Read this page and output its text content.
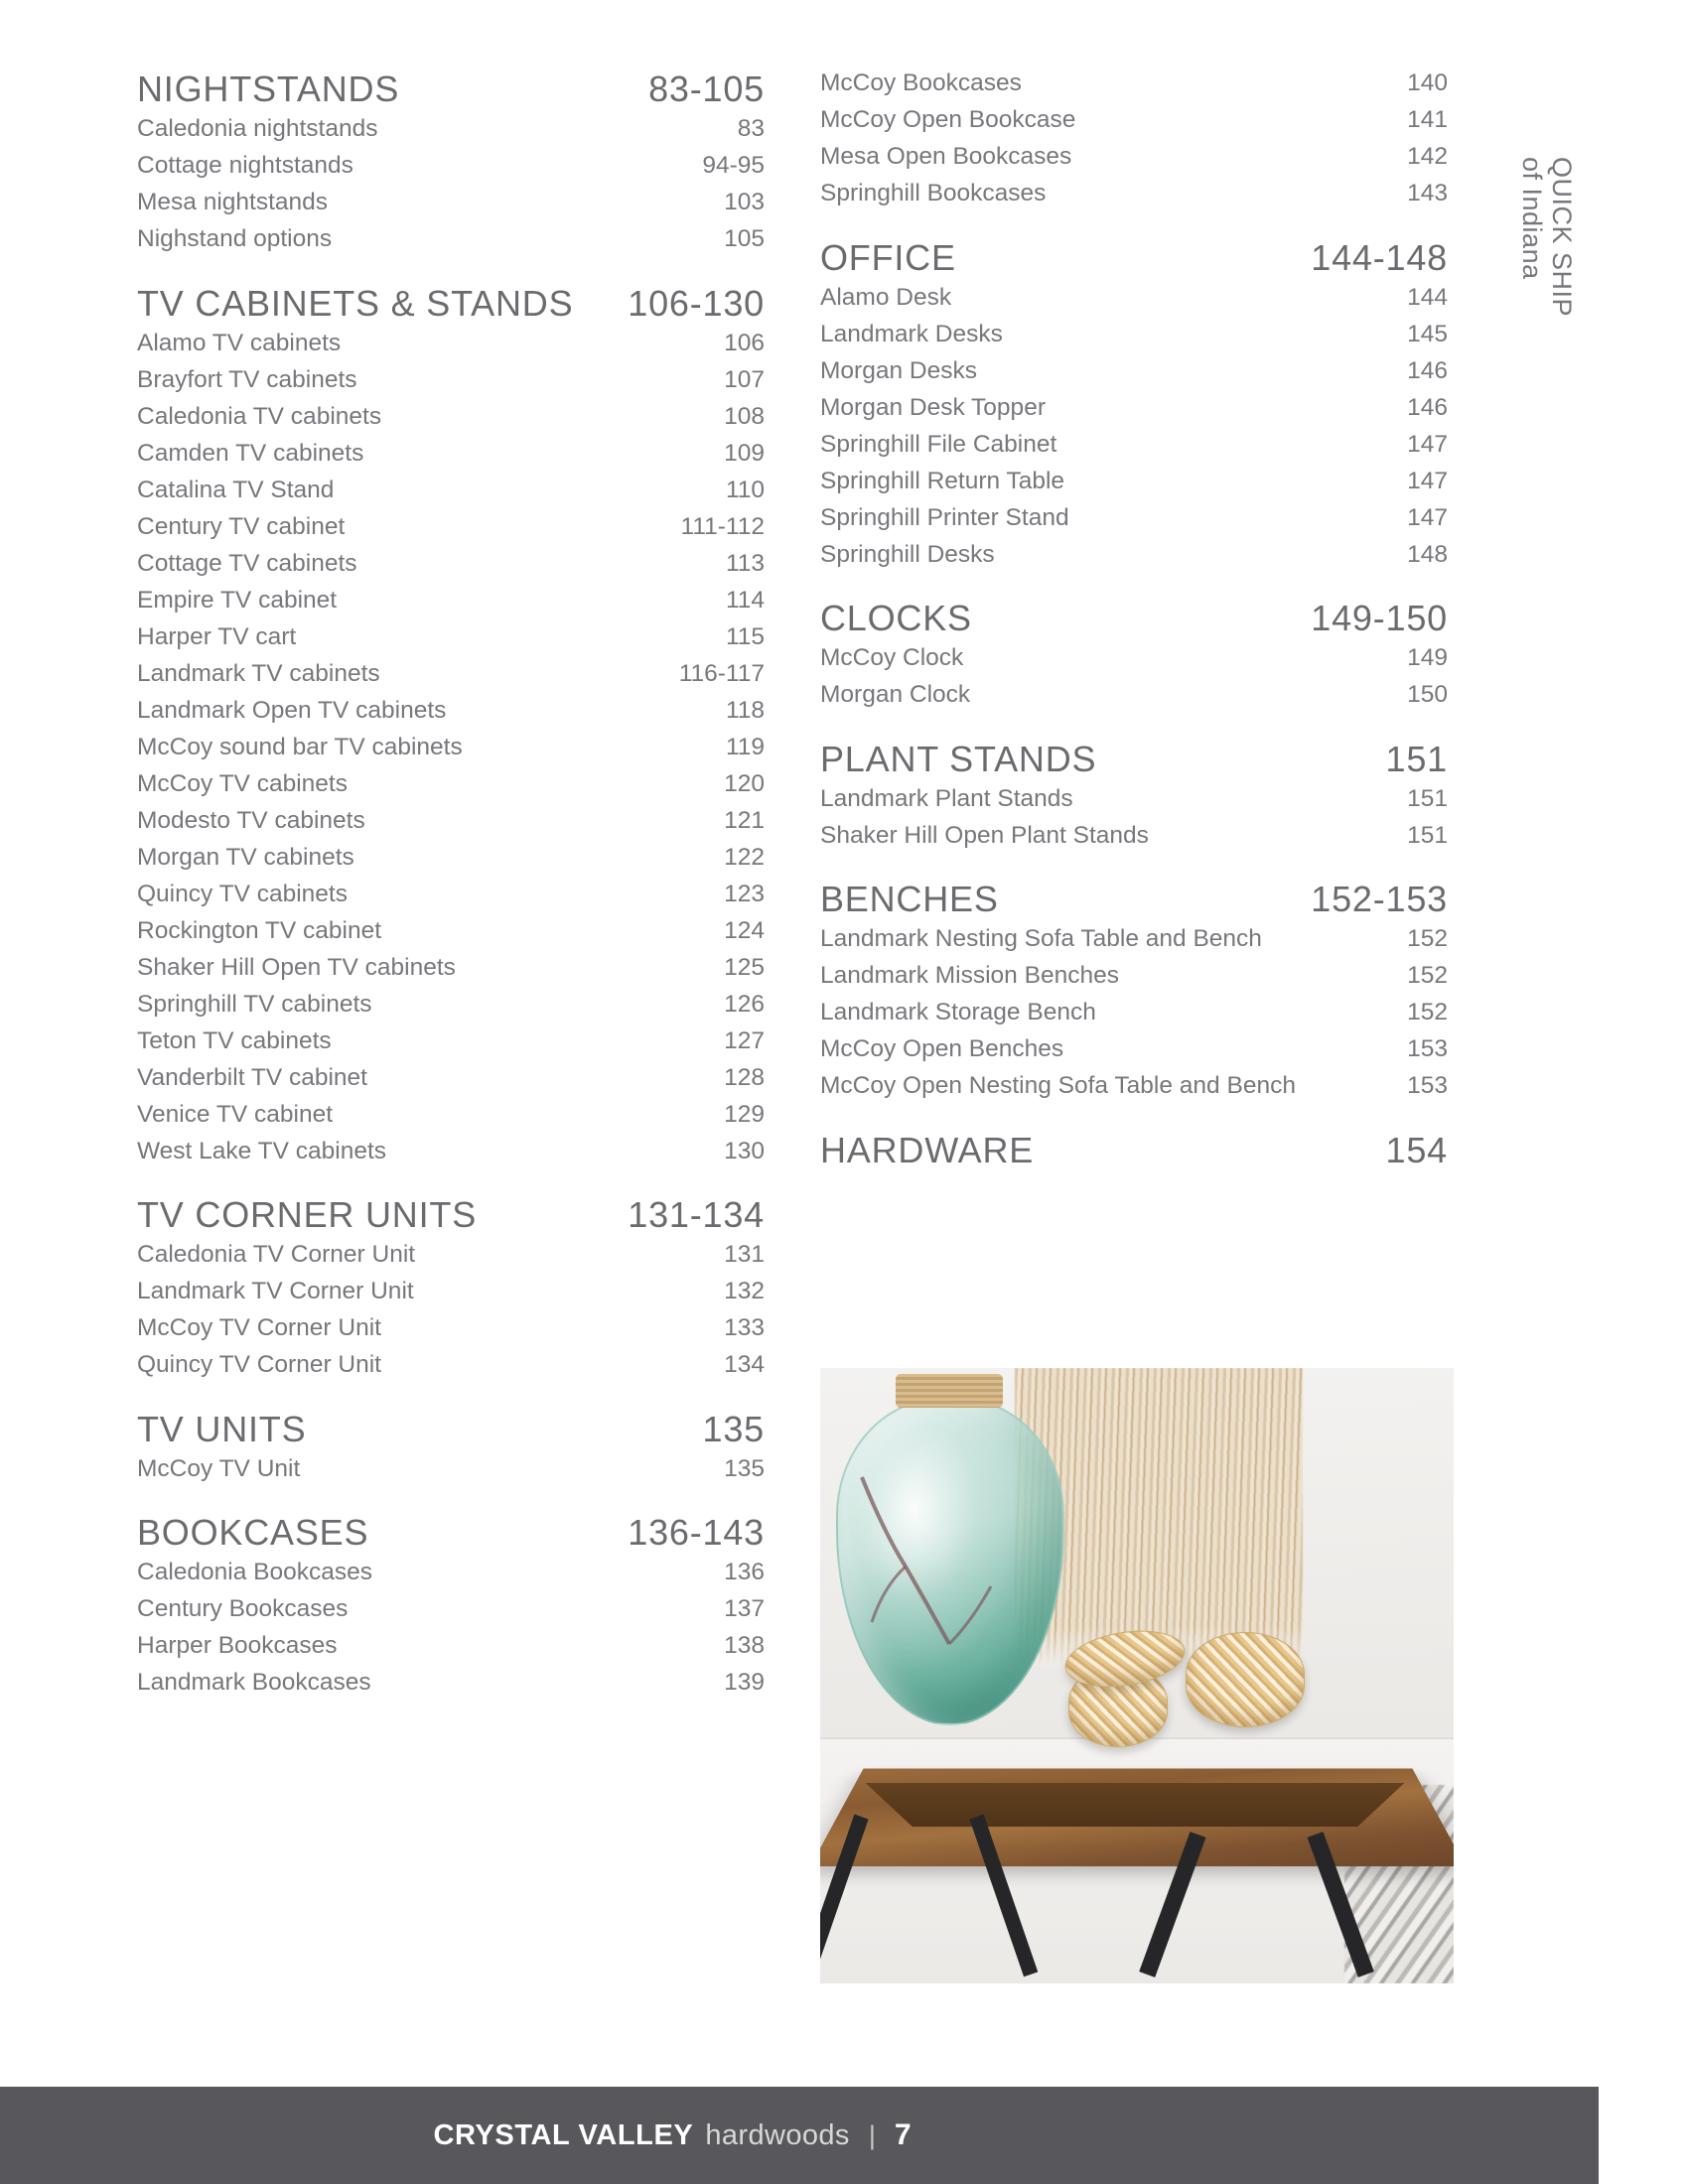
NIGHTSTANDS .....	83-105
Caledonia nightstands .....	83
Cottage nightstands .....	94-95
Mesa nightstands .....	103
Nighstand options .....	105
TV CABINETS & STANDS ..... 106-130
Alamo TV cabinets .....	106
Brayfort TV cabinets .....	107
Caledonia TV cabinets .....	108
Camden TV cabinets .....	109
Catalina TV Stand .....	110
Century TV cabinet .....	111-112
Cottage TV cabinets .....	113
Empire TV cabinet .....	114
Harper TV cart .....	115
Landmark TV cabinets .....	116-117
Landmark Open TV cabinets .....	118
McCoy sound bar TV cabinets .....	119
McCoy TV cabinets .....	120
Modesto TV cabinets .....	121
Morgan TV cabinets .....	122
Quincy TV cabinets .....	123
Rockington TV cabinet .....	124
Shaker Hill Open TV cabinets .....	125
Springhill TV cabinets .....	126
Teton TV cabinets .....	127
Vanderbilt TV cabinet .....	128
Venice TV cabinet .....	129
West Lake TV cabinets .....	130
TV CORNER UNITS .....	131-134
Caledonia TV Corner Unit .....	131
Landmark TV Corner Unit .....	132
McCoy TV Corner Unit .....	133
Quincy TV Corner Unit .....	134
TV UNITS .....	135
McCoy TV Unit .....	135
BOOKCASES .....	136-143
Caledonia Bookcases .....	136
Century Bookcases .....	137
Harper Bookcases .....	138
Landmark Bookcases .....	139
McCoy Bookcases .....	140
McCoy Open Bookcase .....	141
Mesa Open Bookcases .....	142
Springhill Bookcases .....	143
OFFICE .....	144-148
Alamo Desk .....	144
Landmark Desks .....	145
Morgan Desks .....	146
Morgan Desk Topper .....	146
Springhill File Cabinet .....	147
Springhill Return Table .....	147
Springhill Printer Stand .....	147
Springhill Desks .....	148
CLOCKS .....	149-150
McCoy Clock .....	149
Morgan Clock .....	150
PLANT STANDS .....	151
Landmark Plant Stands .....	151
Shaker Hill Open Plant Stands .....	151
BENCHES .....	152-153
Landmark Nesting Sofa Table and Bench .....	152
Landmark Mission Benches .....	152
Landmark Storage Bench .....	152
McCoy Open Benches .....	153
McCoy Open Nesting Sofa Table and Bench .....	153
HARDWARE .....	154
QUICK SHIP
of Indiana
CRYSTAL VALLEY hardwoods | 7
